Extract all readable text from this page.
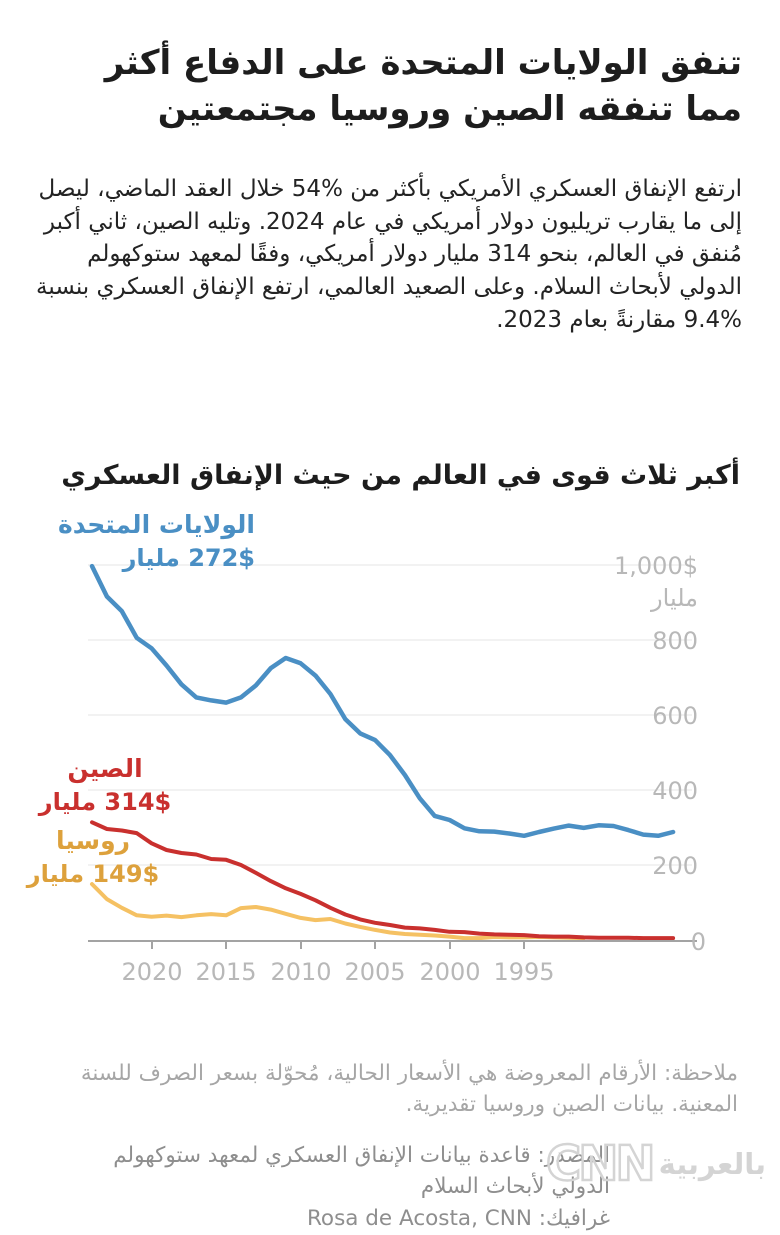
تنفق الولايات المتحدة على الدفاع أكثر مما تنفقه الصين وروسيا مجتمعتين

ارتفع الإنفاق العسكري الأمريكي بأكثر من %54 خلال العقد الماضي، ليصل إلى ما يقارب تريليون دولار أمريكي في عام 2024. وتليه الصين، ثاني أكبر مُنفق في العالم، بنحو 314 مليار دولار أمريكي، وفقًا لمعهد ستوكهولم الدولي لأبحاث السلام. وعلى الصعيد العالمي، ارتفع الإنفاق العسكري بنسبة %9.4 مقارنةً بعام 2023.

أكبر ثلاث قوى في العالم من حيث الإنفاق العسكري
2020 2015 2010 2005 2000 1995
1,000$
مليار
800
600
400
200
0
الولايات المتحدة
272$ مليار
الصين
314$ مليار
روسيا
149$ مليار

ملاحظة: الأرقام المعروضة هي الأسعار الحالية، مُحوّلة بسعر الصرف للسنة المعنية. بيانات الصين وروسيا تقديرية.

المصدر: قاعدة بيانات الإنفاق العسكري لمعهد ستوكهولم الدولي لأبحاث السلام
غرافيك: Rosa de Acosta, CNN
CNN بالعربية
